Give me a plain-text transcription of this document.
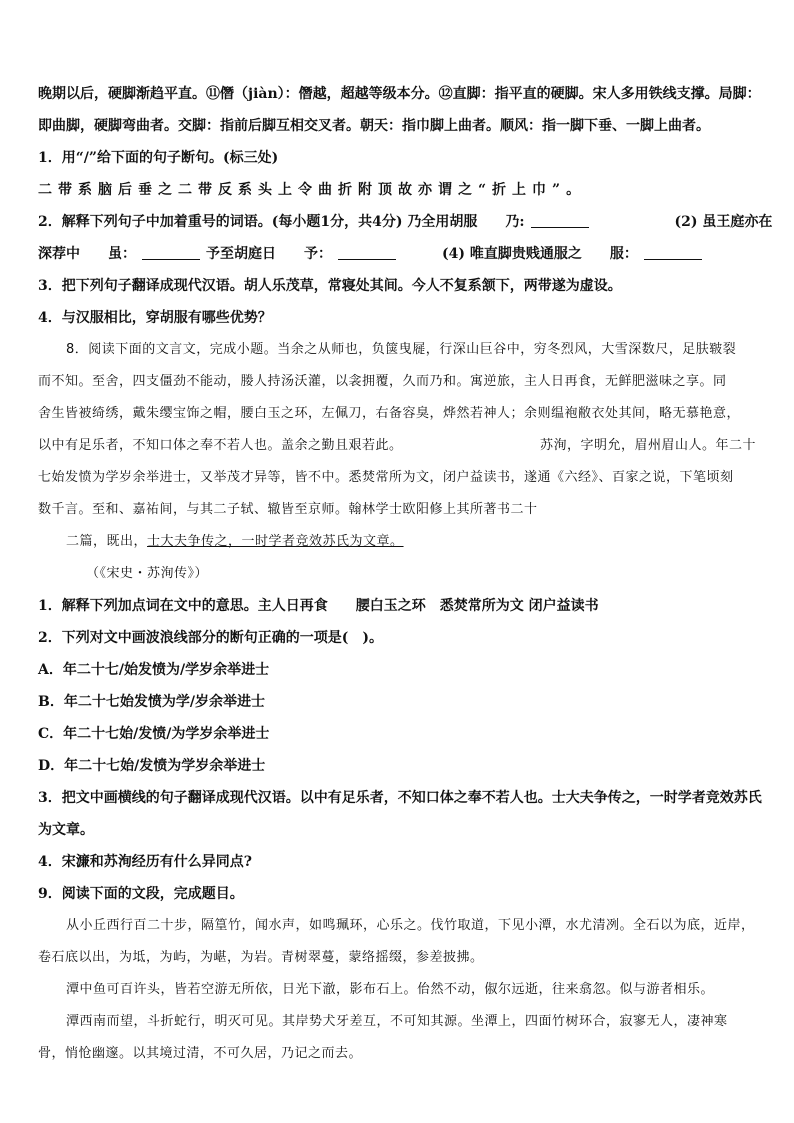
晚期以后，硬脚渐趋平直。⑪僭（jiàn）：僭越，超越等级本分。⑫直脚：指平直的硬脚。宋人多用铁线支撑。局脚：

即曲脚，硬脚弯曲者。交脚：指前后脚互相交叉者。朝天：指巾脚上曲者。顺风：指一脚下垂、一脚上曲者。

1．用“/”给下面的句子断句。(标三处)

二带系脑后垂之二带反系头上令曲折附顶故亦谓之“折上巾”。

2．解释下列句子中加着重号的词语。(每小题1分，共4分) 乃全用胡服　　乃:	(2) 虽王庭亦在

深荐中　　虽：	予至胡庭日　　予：	(4) 唯直脚贵贱通服之　　服：

3．把下列句子翻译成现代汉语。胡人乐茂草，常寝处其间。今人不复系颔下，两带遂为虚设。

4．与汉服相比，穿胡服有哪些优势？

8．阅读下面的文言文，完成小题。当余之从师也，负箧曳屣，行深山巨谷中，穷冬烈风，大雪深数尺，足肤皲裂

而不知。至舍，四支僵劲不能动，媵人持汤沃灌，以衾拥覆，久而乃和。寓逆旅，主人日再食，无鲜肥滋味之享。同

舍生皆被绮绣，戴朱缨宝饰之帽，腰白玉之环，左佩刀，右备容臭，烨然若神人；余则缊袍敝衣处其间，略无慕艳意，

以中有足乐者，不知口体之奉不若人也。盖余之勤且艰若此。	苏洵，字明允，眉州眉山人。年二十

七始发愤为学岁余举进士，又举茂才异等，皆不中。悉焚常所为文，闭户益读书，遂通《六经》、百家之说，下笔顷刻

数千言。至和、嘉祐间，与其二子轼、辙皆至京师。翰林学士欧阳修上其所著书二十

二篇，既出，士大夫争传之，一时学者竞效苏氏为文章。

（《宋史・苏洵传》）

1．解释下列加点词在文中的意思。主人日再食　　腰白玉之环　悉焚常所为文 闭户益读书

2．下列对文中画波浪线部分的断句正确的一项是(　)。

A．年二十七/始发愤为/学岁余举进士

B．年二十七始发愤为学/岁余举进士

C．年二十七始/发愤/为学岁余举进士

D．年二十七始/发愤为学岁余举进士

3．把文中画横线的句子翻译成现代汉语。以中有足乐者，不知口体之奉不若人也。士大夫争传之，一时学者竞效苏氏

为文章。

4．宋濂和苏洵经历有什么异同点?

9．阅读下面的文段，完成题目。

从小丘西行百二十步，隔篁竹，闻水声，如鸣珮环，心乐之。伐竹取道，下见小潭，水尤清冽。全石以为底，近岸，

卷石底以出，为坻，为屿，为嵁，为岩。青树翠蔓，蒙络摇缀，参差披拂。

潭中鱼可百许头，皆若空游无所依，日光下澈，影布石上。佁然不动，俶尔远逝，往来翕忽。似与游者相乐。

潭西南而望，斗折蛇行，明灭可见。其岸势犬牙差互，不可知其源。坐潭上，四面竹树环合，寂寥无人，凄神寒

骨，悄怆幽邃。以其境过清，不可久居，乃记之而去。
